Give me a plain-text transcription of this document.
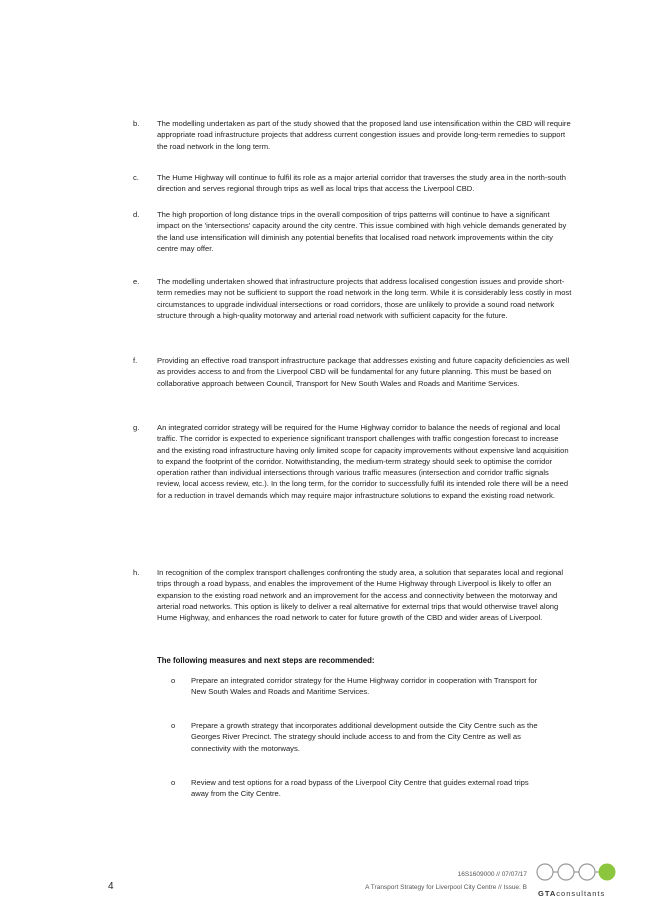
b. The modelling undertaken as part of the study showed that the proposed land use intensification within the CBD will require appropriate road infrastructure projects that address current congestion issues and provide long-term remedies to support the road network in the long term.
c. The Hume Highway will continue to fulfil its role as a major arterial corridor that traverses the study area in the north-south direction and serves regional through trips as well as local trips that access the Liverpool CBD.
d. The high proportion of long distance trips in the overall composition of trips patterns will continue to have a significant impact on the 'intersections' capacity around the city centre. This issue combined with high vehicle demands generated by the land use intensification will diminish any potential benefits that localised road network improvements within the city centre may offer.
e. The modelling undertaken showed that infrastructure projects that address localised congestion issues and provide short-term remedies may not be sufficient to support the road network in the long term. While it is considerably less costly in most circumstances to upgrade individual intersections or road corridors, those are unlikely to provide a sound road network structure through a high-quality motorway and arterial road network with sufficient capacity for the future.
f.	Providing an effective road transport infrastructure package that addresses existing and future capacity deficiencies as well as provides access to and from the Liverpool CBD will be fundamental for any future planning. This must be based on collaborative approach between Council, Transport for New South Wales and Roads and Maritime Services.
g. An integrated corridor strategy will be required for the Hume Highway corridor to balance the needs of regional and local traffic. The corridor is expected to experience significant transport challenges with traffic congestion forecast to increase and the existing road infrastructure having only limited scope for capacity improvements without expensive land acquisition to expand the footprint of the corridor. Notwithstanding, the medium-term strategy should seek to optimise the corridor operation rather than individual intersections through various traffic measures (intersection and corridor traffic signals review, local access review, etc.). In the long term, for the corridor to successfully fulfil its intended role there will be a need for a reduction in travel demands which may require major infrastructure solutions to expand the existing road network.
h. In recognition of the complex transport challenges confronting the study area, a solution that separates local and regional trips through a road bypass, and enables the improvement of the Hume Highway through Liverpool is likely to offer an expansion to the existing road network and an improvement for the access and connectivity between the motorway and arterial road networks. This option is likely to deliver a real alternative for external trips that would otherwise travel along Hume Highway, and enhances the road network to cater for future growth of the CBD and wider areas of Liverpool.
The following measures and next steps are recommended:
o Prepare an integrated corridor strategy for the Hume Highway corridor in cooperation with Transport for New South Wales and Roads and Maritime Services.
o Prepare a growth strategy that incorporates additional development outside the City Centre such as the Georges River Precinct. The strategy should include access to and from the City Centre as well as connectivity with the motorways.
o Review and test options for a road bypass of the Liverpool City Centre that guides external road trips away from the City Centre.
4
16S1609000 // 07/07/17
A Transport Strategy for Liverpool City Centre // Issue: B
GTAconsultants
